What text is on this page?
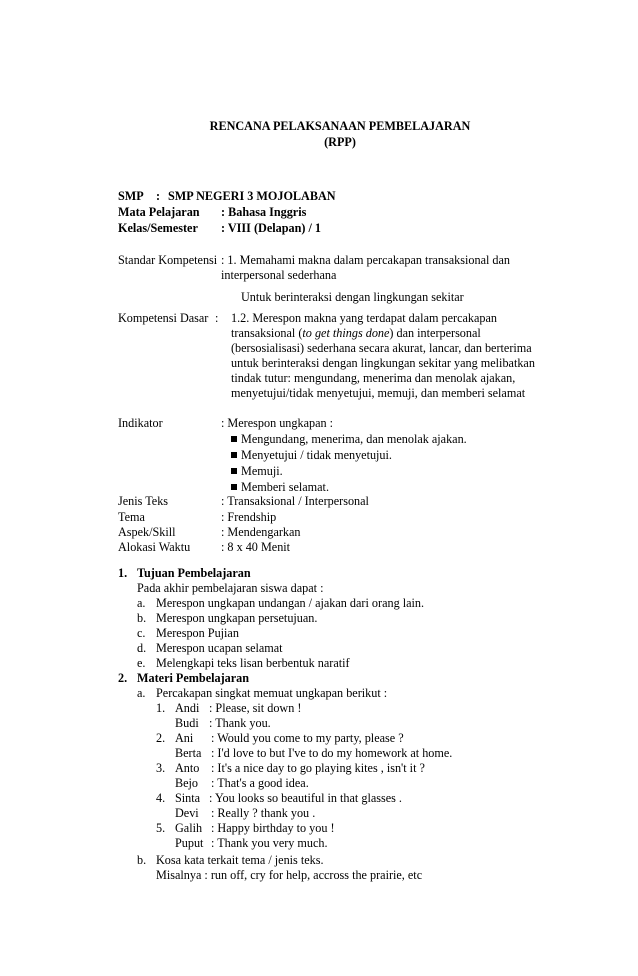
RENCANA PELAKSANAAN PEMBELAJARAN
(RPP)
SMP : SMP NEGERI 3 MOJOLABAN
Mata Pelajaran : Bahasa Inggris
Kelas/Semester : VIII (Delapan) / 1
Standar Kompetensi : 1. Memahami makna dalam percakapan transaksional dan
interpersonal sederhana
Untuk berinteraksi dengan lingkungan sekitar
Kompetensi Dasar : 1.2. Merespon makna yang terdapat dalam percakapan
transaksional (to get things done) dan interpersonal
(bersosialisasi) sederhana secara akurat, lancar, dan berterima
untuk berinteraksi dengan lingkungan sekitar yang melibatkan
tindak tutur: mengundang, menerima dan menolak ajakan,
menyetujui/tidak menyetujui, memuji, dan memberi selamat
Indikator	: Merespon ungkapan :
Mengundang, menerima, dan menolak ajakan.
Menyetujui / tidak menyetujui.
Memuji.
Memberi selamat.
Jenis Teks	: Transaksional / Interpersonal
Tema	: Frendship
Aspek/Skill	: Mendengarkan
Alokasi Waktu	: 8 x 40 Menit
1. Tujuan Pembelajaran
Pada akhir pembelajaran siswa dapat :
a. Merespon ungkapan undangan / ajakan dari orang lain.
b. Merespon ungkapan persetujuan.
c. Merespon Pujian
d. Merespon ucapan selamat
e. Melengkapi teks lisan berbentuk naratif
2. Materi Pembelajaran
a. Percakapan singkat memuat ungkapan berikut :
1. Andi : Please, sit down !
Budi : Thank you.
2. Ani : Would you come to my party, please ?
Berta : I'd love to but I've to do my homework at home.
3. Anto : It's a nice day to go playing kites , isn't it ?
Bejo : That's a good idea.
4. Sinta : You looks so beautiful in that glasses .
Devi : Really ? thank you .
5. Galih : Happy birthday to you !
Puput : Thank you very much.
b. Kosa kata terkait tema / jenis teks.
Misalnya : run off, cry for help, accross the prairie, etc
